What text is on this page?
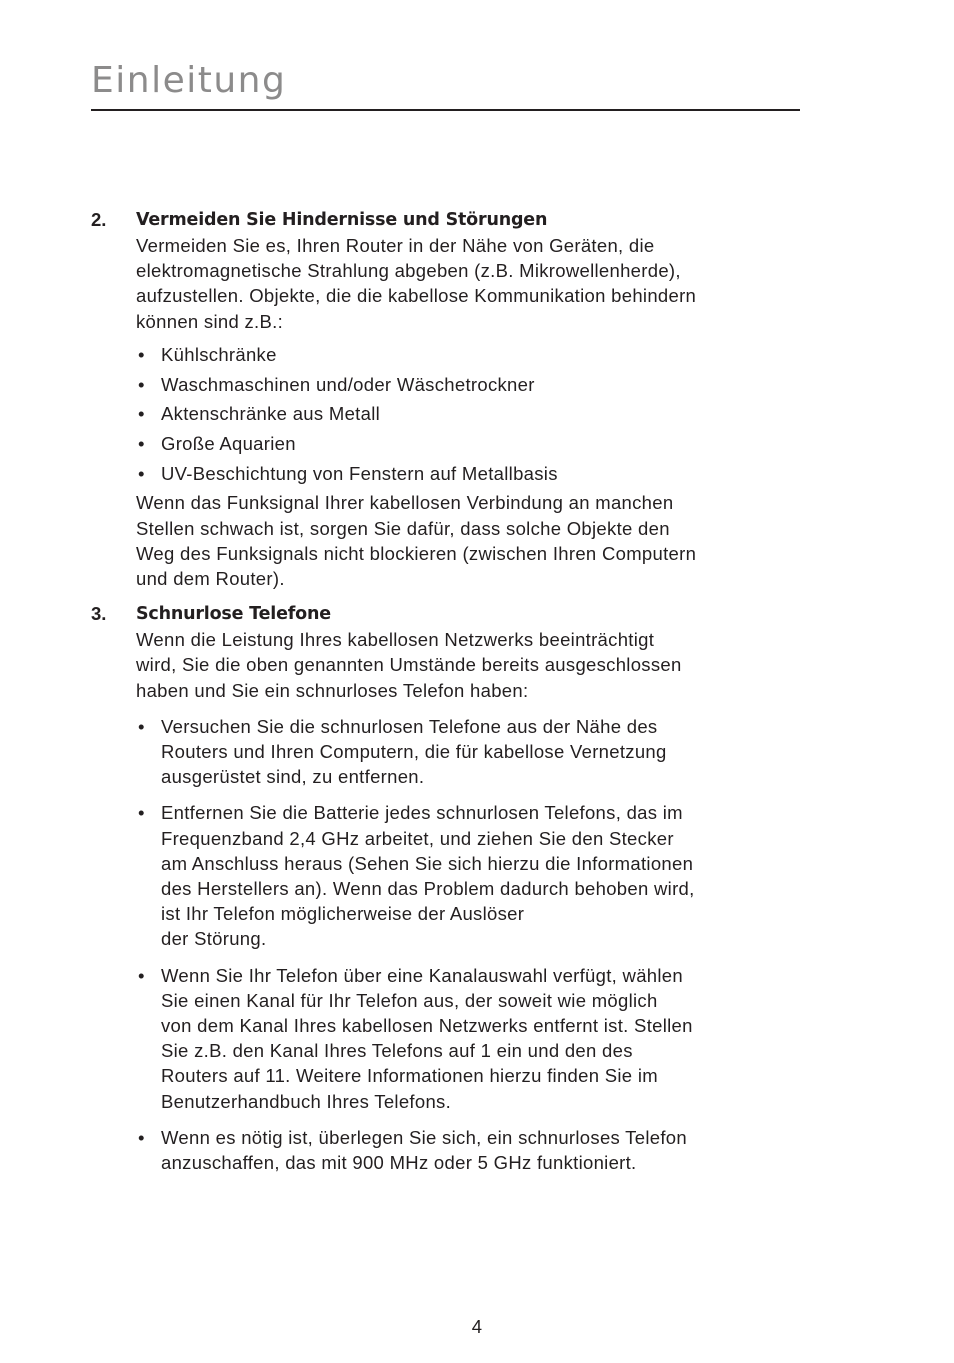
Einleitung
2. Vermeiden Sie Hindernisse und Störungen

Vermeiden Sie es, Ihren Router in der Nähe von Geräten, die
elektromagnetische Strahlung abgeben (z.B. Mikrowellenherde),
aufzustellen. Objekte, die die kabellose Kommunikation behindern
können sind z.B.:

• Kühlschränke
• Waschmaschinen und/oder Wäschetrockner
• Aktenschränke aus Metall
• Große Aquarien
• UV-Beschichtung von Fenstern auf Metallbasis

Wenn das Funksignal Ihrer kabellosen Verbindung an manchen
Stellen schwach ist, sorgen Sie dafür, dass solche Objekte den
Weg des Funksignals nicht blockieren (zwischen Ihren Computern
und dem Router).

3. Schnurlose Telefone

Wenn die Leistung Ihres kabellosen Netzwerks beeinträchtigt
wird, Sie die oben genannten Umstände bereits ausgeschlossen
haben und Sie ein schnurloses Telefon haben:

• Versuchen Sie die schnurlosen Telefone aus der Nähe des
Routers und Ihren Computern, die für kabellose Vernetzung
ausgerüstet sind, zu entfernen.
• Entfernen Sie die Batterie jedes schnurlosen Telefons, das im
Frequenzband 2,4 GHz arbeitet, und ziehen Sie den Stecker
am Anschluss heraus (Sehen Sie sich hierzu die Informationen
des Herstellers an). Wenn das Problem dadurch behoben wird,
ist Ihr Telefon möglicherweise der Auslöser
der Störung.
• Wenn Sie Ihr Telefon über eine Kanalauswahl verfügt, wählen
Sie einen Kanal für Ihr Telefon aus, der soweit wie möglich
von dem Kanal Ihres kabellosen Netzwerks entfernt ist. Stellen
Sie z.B. den Kanal Ihres Telefons auf 1 ein und den des
Routers auf 11. Weitere Informationen hierzu finden Sie im
Benutzerhandbuch Ihres Telefons.
• Wenn es nötig ist, überlegen Sie sich, ein schnurloses Telefon
anzuschaffen, das mit 900 MHz oder 5 GHz funktioniert.
4
